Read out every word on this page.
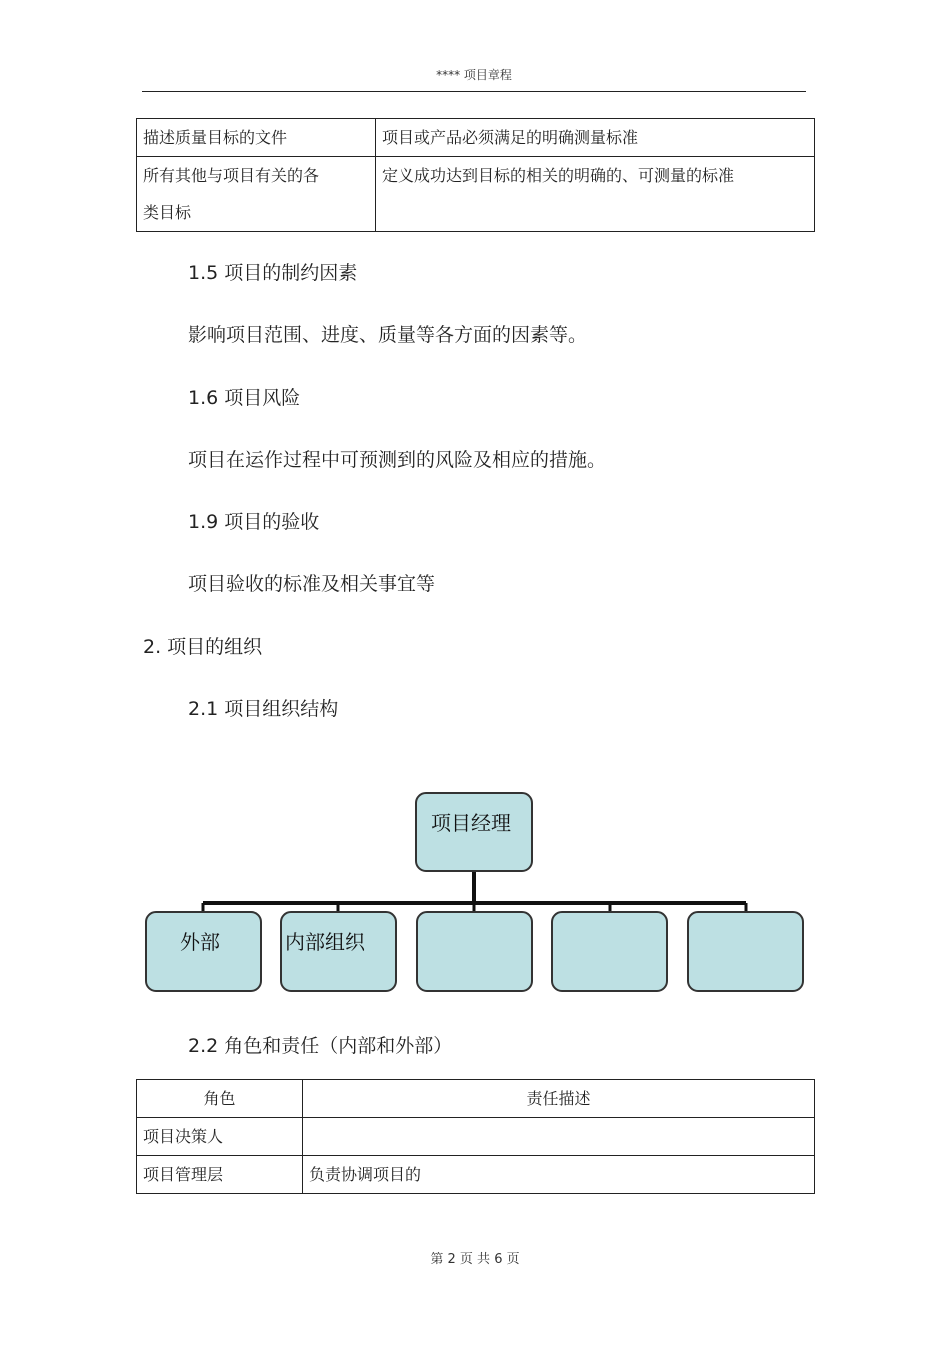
**** 项目章程
描述质量目标的文件	项目或产品必须满足的明确测量标准

所有其他与项目有关的各
类目标	定义成功达到目标的相关的明确的、可测量的标准
1.5 项目的制约因素
影响项目范围、进度、质量等各方面的因素等。
1.6 项目风险
项目在运作过程中可预测到的风险及相应的措施。
1.9 项目的验收
项目验收的标准及相关事宜等
2. 项目的组织
2.1 项目组织结构
项目经理
外部	内部组织
2.2 角色和责任（内部和外部）
角色	责任描述
项目决策人	
项目管理层	负责协调项目的
第 2 页 共 6 页
